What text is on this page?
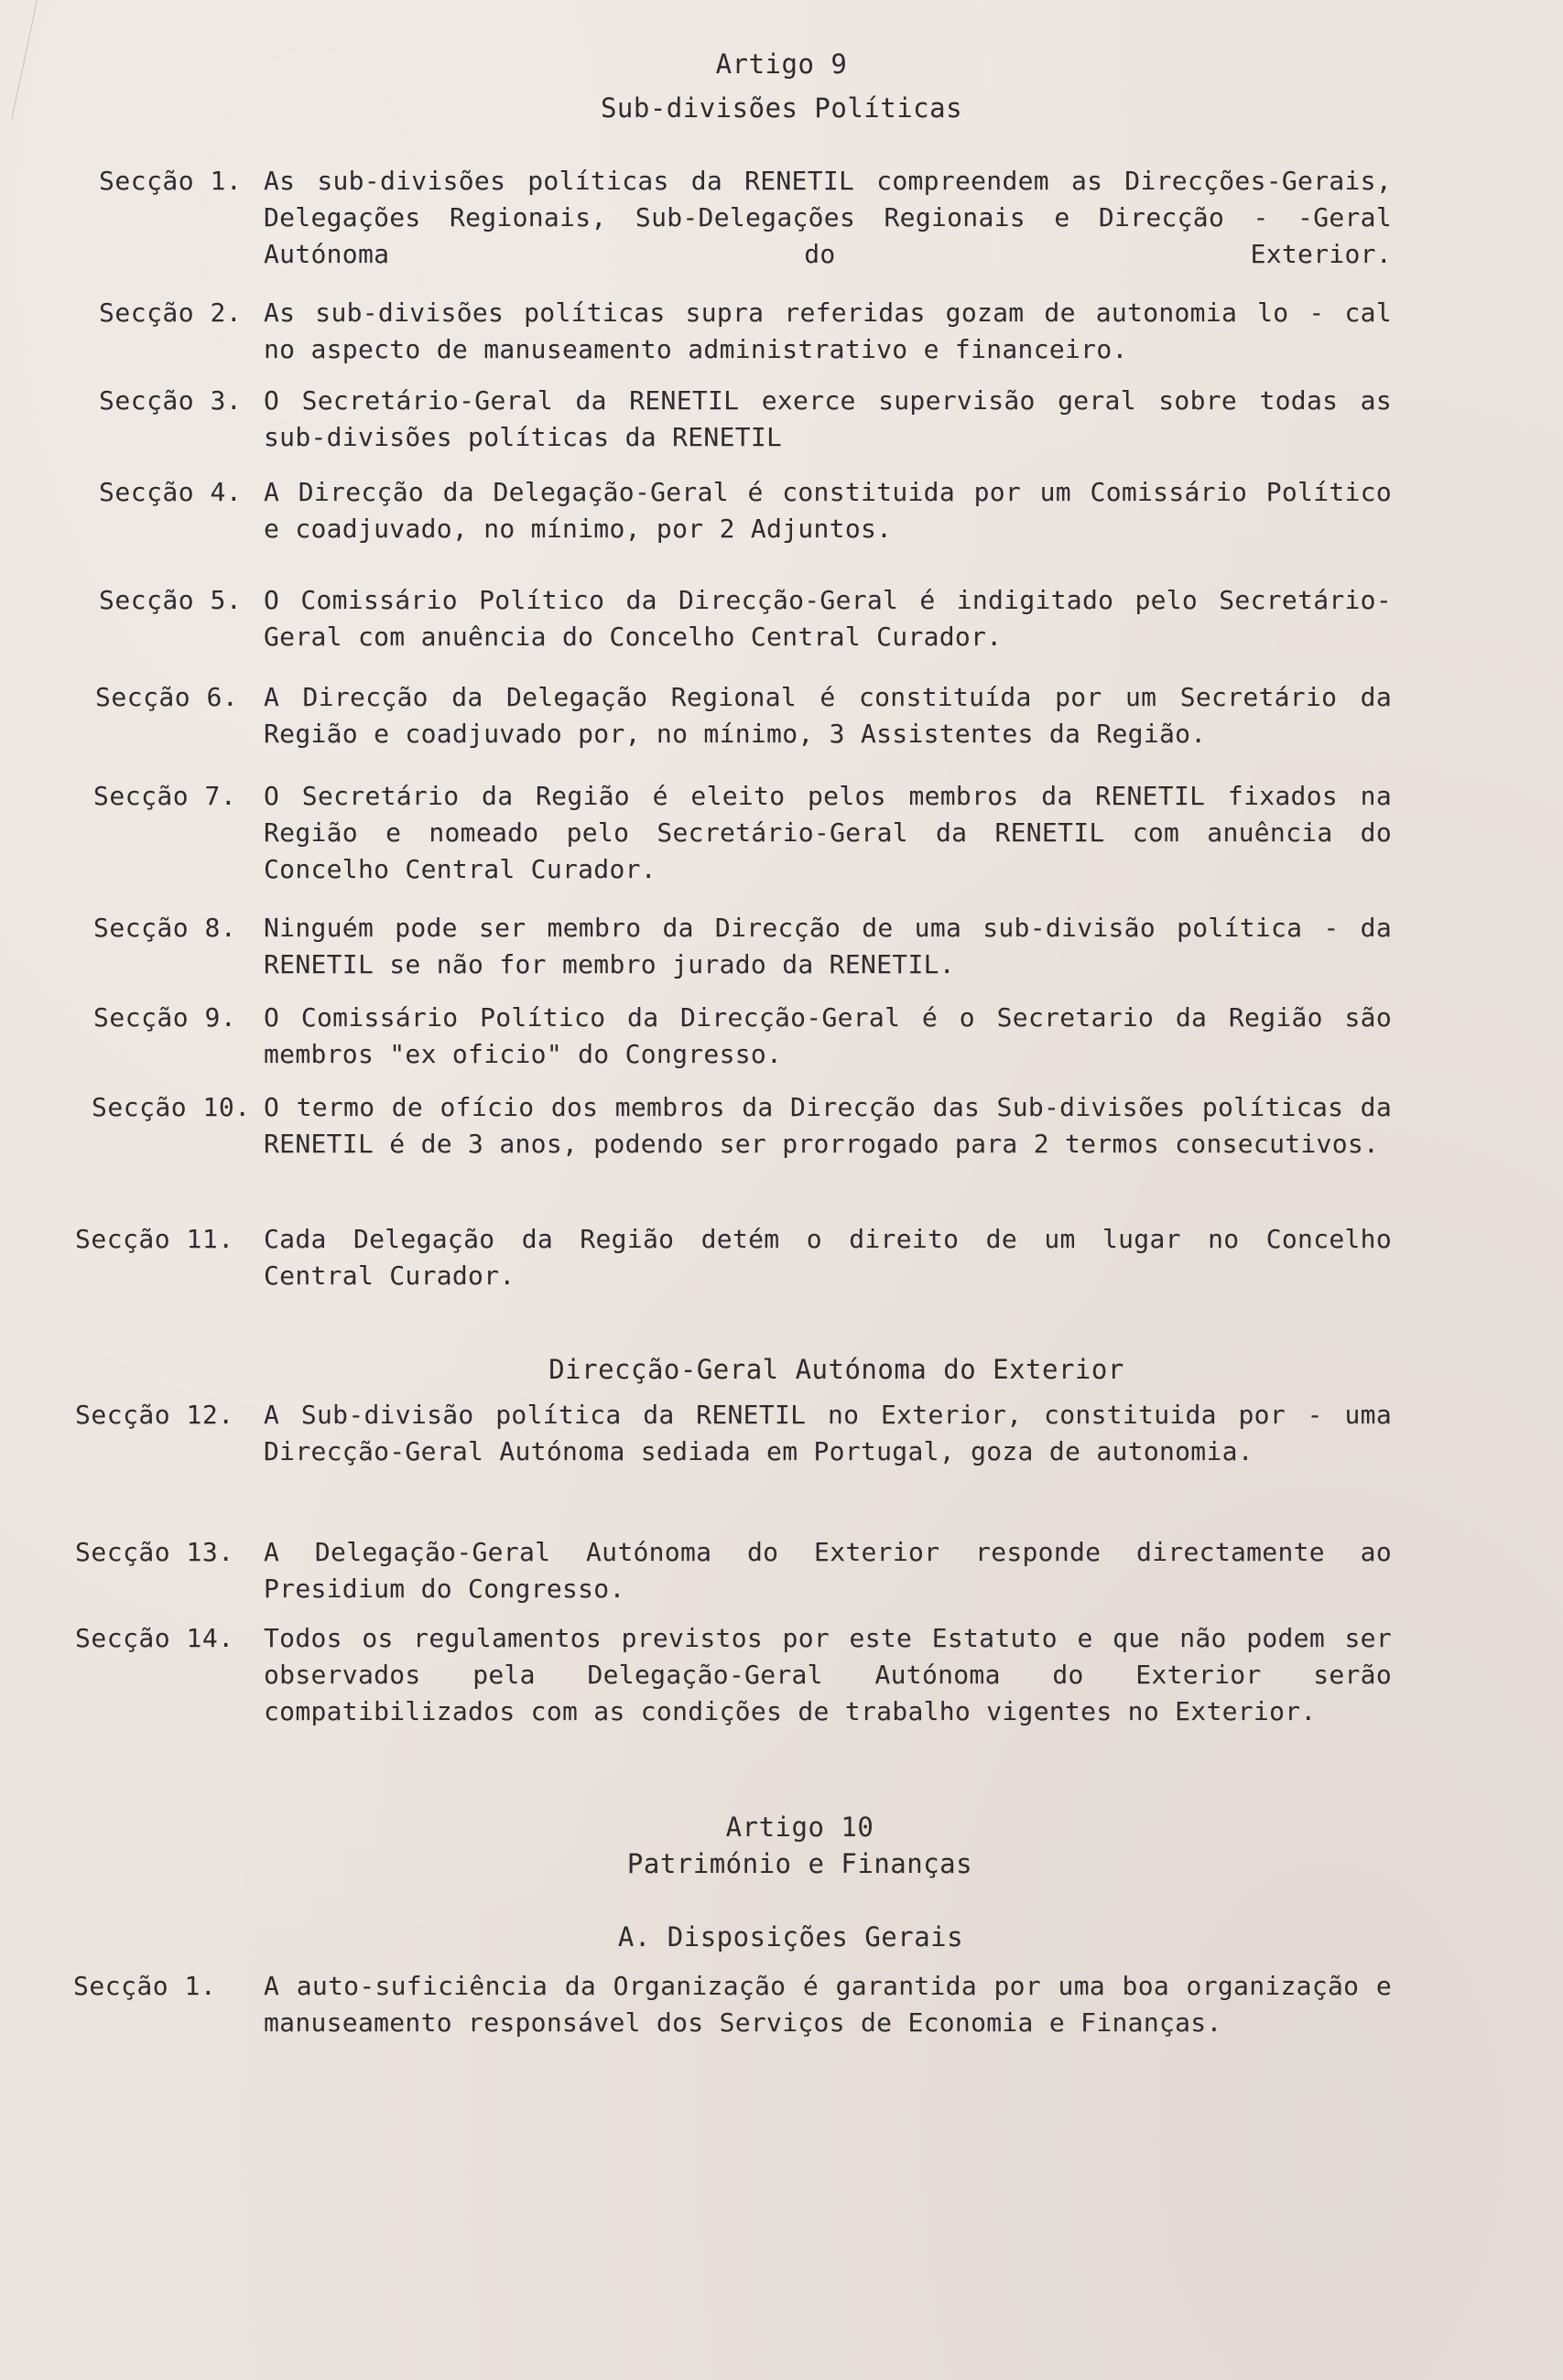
Artigo 9
Sub-divisões Políticas
Secção 1. As sub-divisões políticas da RENETIL compreendem as Direcções-Gerais, Delegações Regionais, Sub-Delegações Regionais e Direcção - -Geral Autónoma do Exterior.
Secção 2. As sub-divisões políticas supra referidas gozam de autonomia lo - cal no aspecto de manuseamento administrativo e financeiro.
Secção 3. O Secretário-Geral da RENETIL exerce supervisão geral sobre todas as sub-divisões políticas da RENETIL
Secção 4. A Direcção da Delegação-Geral é constituida por um Comissário Político e coadjuvado, no mínimo, por 2 Adjuntos.
Secção 5. O Comissário Político da Direcção-Geral é indigitado pelo Secretário-Geral com anuência do Concelho Central Curador.
Secção 6. A Direcção da Delegação Regional é constituída por um Secretário da Região e coadjuvado por, no mínimo, 3 Assistentes da Região.
Secção 7. O Secretário da Região é eleito pelos membros da RENETIL fixados na Região e nomeado pelo Secretário-Geral da RENETIL com anuência do Concelho Central Curador.
Secção 8. Ninguém pode ser membro da Direcção de uma sub-divisão política - da RENETIL se não for membro jurado da RENETIL.
Secção 9. O Comissário Político da Direcção-Geral é o Secretario da Região são membros "ex oficio" do Congresso.
Secção 10. O termo de ofício dos membros da Direcção das Sub-divisões políticas da RENETIL é de 3 anos, podendo ser prorrogado para 2 termos consecutivos.
Secção 11. Cada Delegação da Região detém o direito de um lugar no Concelho Central Curador.
Direcção-Geral Autónoma do Exterior
Secção 12. A Sub-divisão política da RENETIL no Exterior, constituida por - uma Direcção-Geral Autónoma sediada em Portugal, goza de autonomia.
Secção 13. A Delegação-Geral Autónoma do Exterior responde directamente ao Presidium do Congresso.
Secção 14. Todos os regulamentos previstos por este Estatuto e que não podem ser observados pela Delegação-Geral Autónoma do Exterior serão compatibilizados com as condições de trabalho vigentes no Exterior.
Artigo 10
Património e Finanças
A. Disposições Gerais
Secção 1. A auto-suficiência da Organização é garantida por uma boa organização e manuseamento responsável dos Serviços de Economia e Finanças.
